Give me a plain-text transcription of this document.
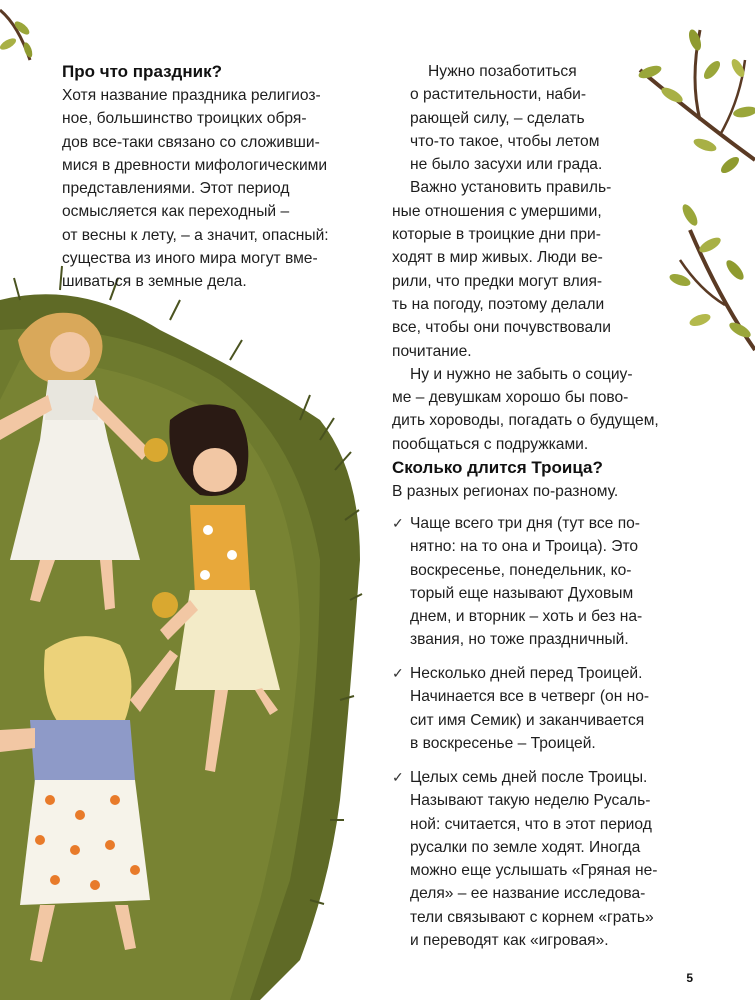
Про что праздник?

Хотя название праздника религиоз-
ное, большинство троицких обря-
дов все-таки связано со сложивши-
мися в древности мифологическими
представлениями. Этот период
осмысляется как переходный –
от весны к лету, – а значит, опасный:
существа из иного мира могут вме-
шиваться в земные дела.

Нужно позаботиться
о растительности, наби-
рающей силу, – сделать
что-то такое, чтобы летом
не было засухи или града.

Важно установить правиль-
ные отношения с умершими,
которые в троицкие дни при-
ходят в мир живых. Люди ве-
рили, что предки могут влия-
ть на погоду, поэтому делали
все, чтобы они почувствовали
почитание.

Ну и нужно не забыть о социу-
ме – девушкам хорошо бы пово-
дить хороводы, погадать о будущем,
пообщаться с подружками.

Сколько длится Троица?

В разных регионах по-разному.

✓ Чаще всего три дня (тут все по-
нятно: на то она и Троица). Это
воскресенье, понедельник, ко-
торый еще называют Духовым
днем, и вторник – хоть и без на-
звания, но тоже праздничный.
✓ Несколько дней перед Троицей.
Начинается все в четверг (он но-
сит имя Семик) и заканчивается
в воскресенье – Троицей.
✓ Целых семь дней после Троицы.
Называют такую неделю Русаль-
ной: считается, что в этот период
русалки по земле ходят. Иногда
можно еще услышать «Гряная не-
деля» – ее название исследова-
тели связывают с корнем «грать»
и переводят как «игровая».
5
